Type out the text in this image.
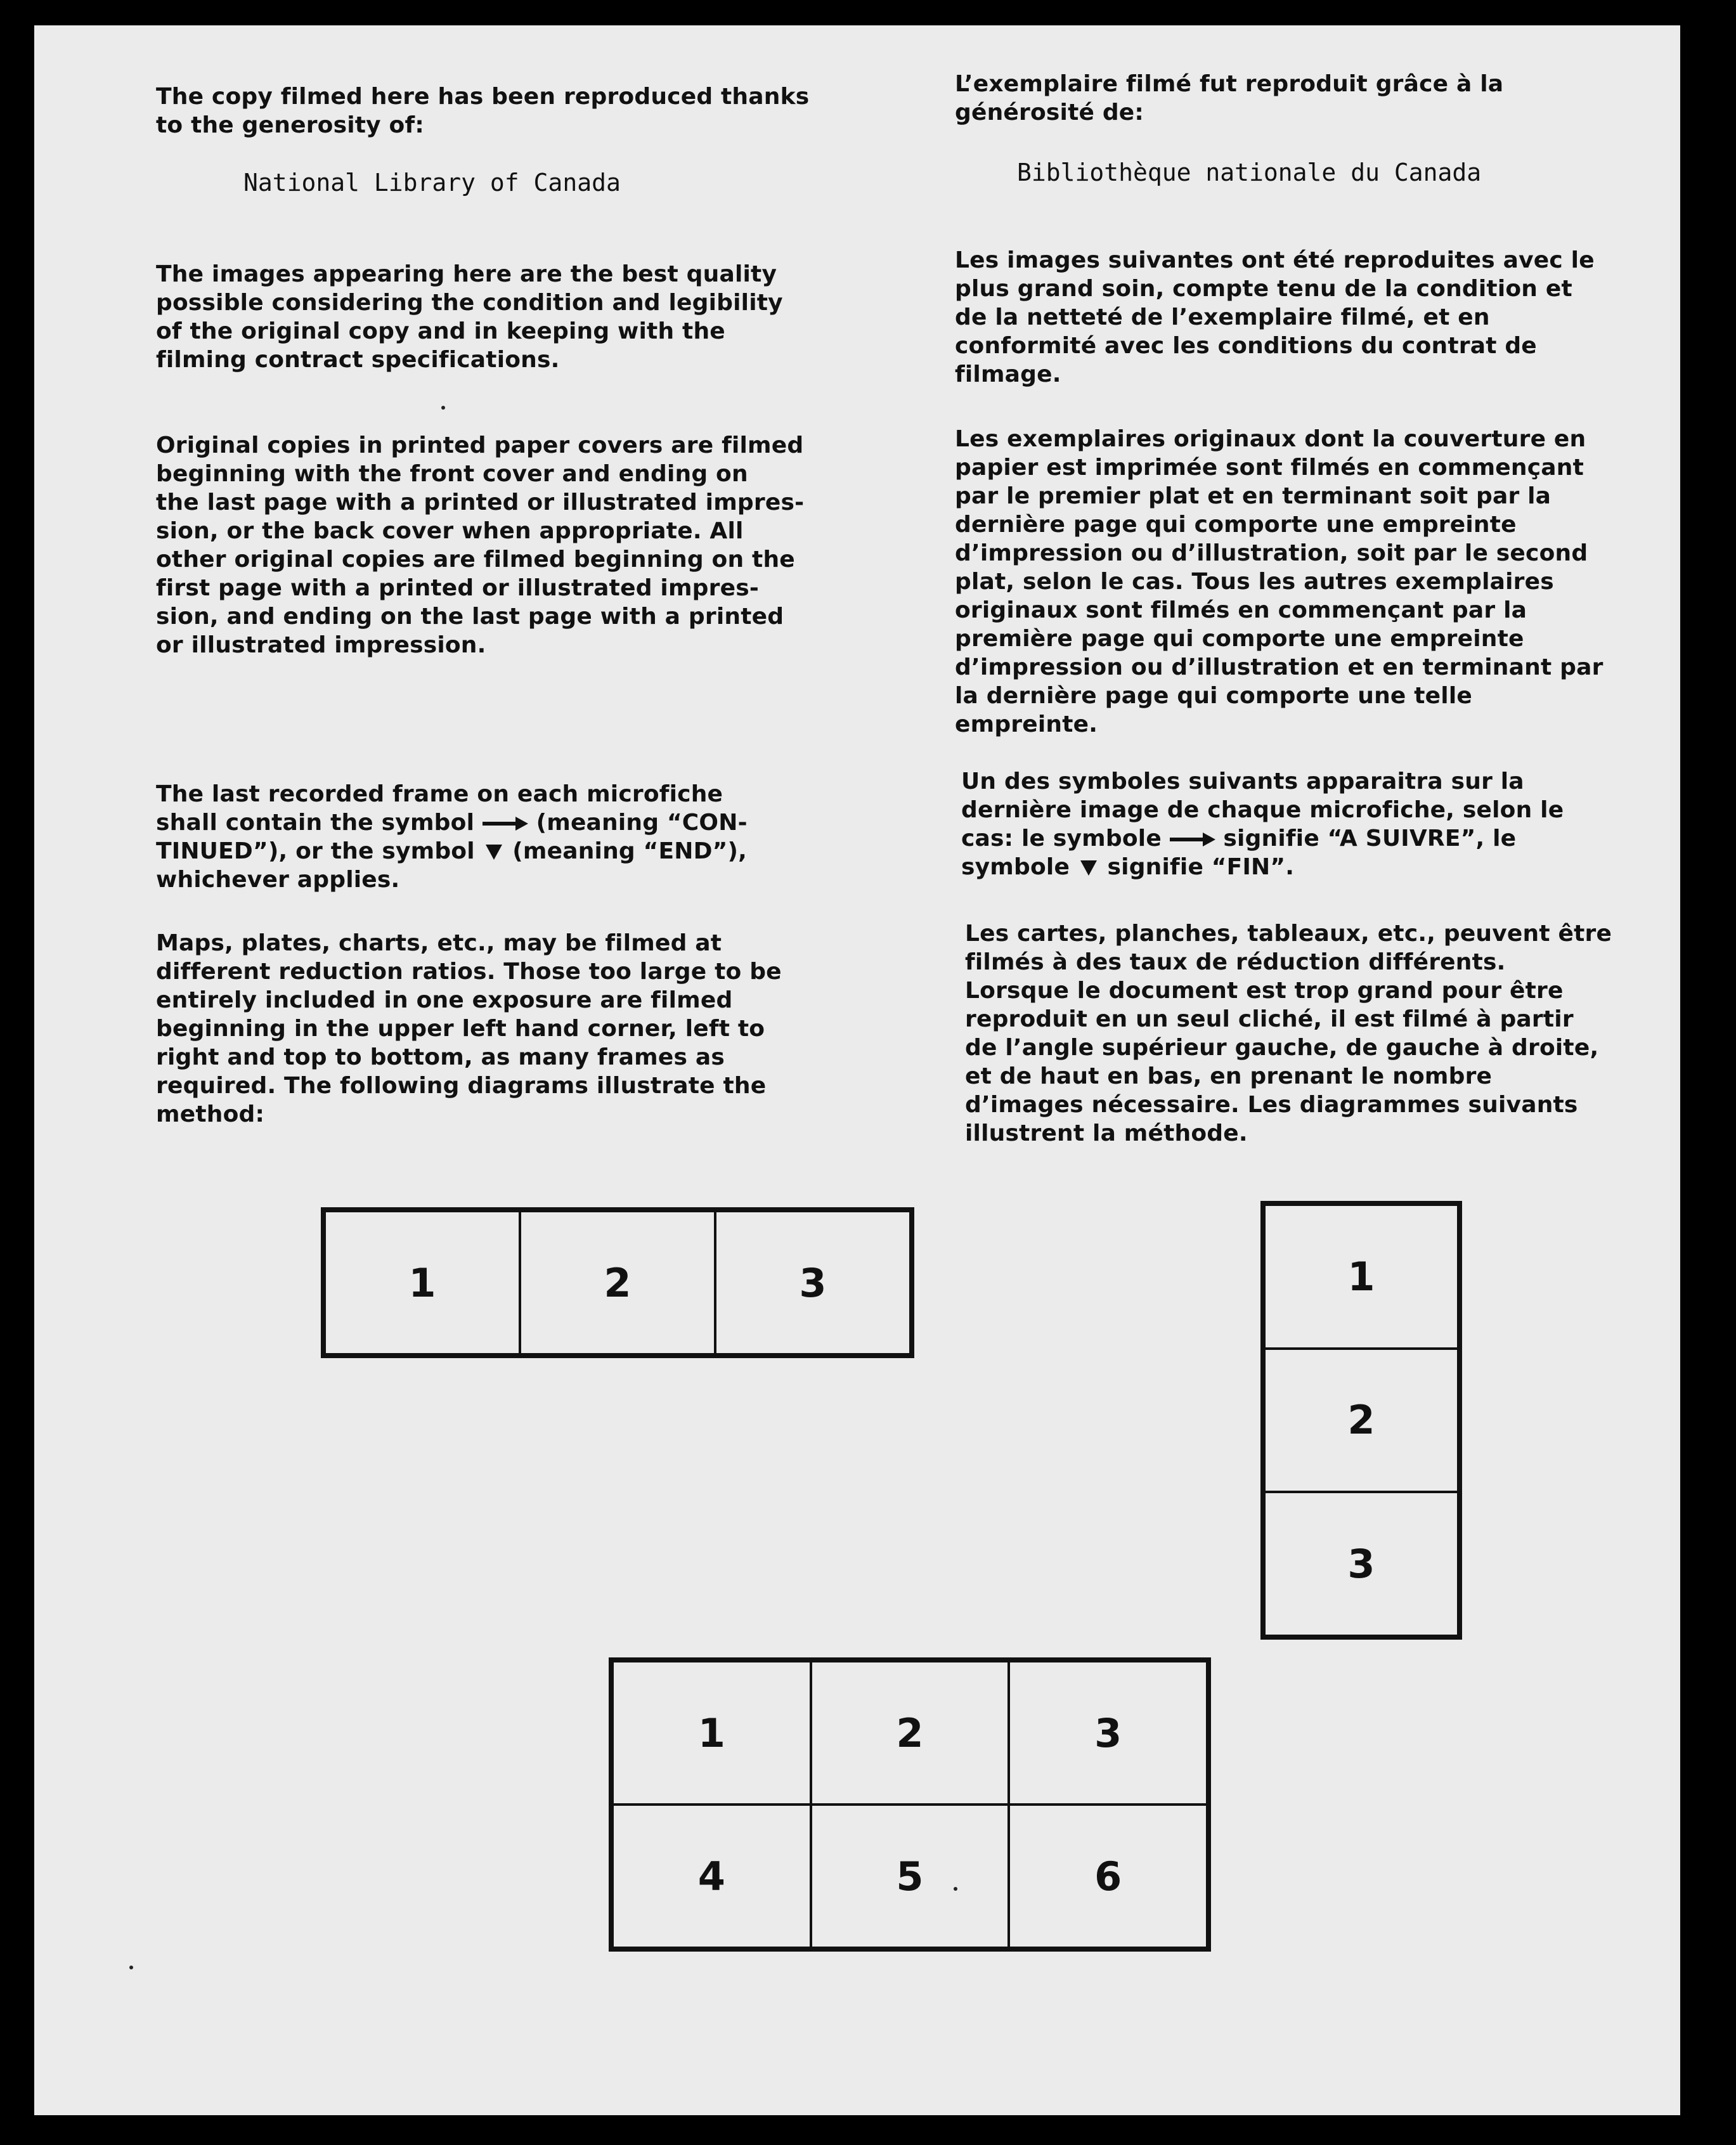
The copy filmed here has been reproduced thanks
to the generosity of:

National Library of Canada

The images appearing here are the best quality
possible considering the condition and legibility
of the original copy and in keeping with the
filming contract specifications.

Original copies in printed paper covers are filmed
beginning with the front cover and ending on
the last page with a printed or illustrated impres-
sion, or the back cover when appropriate. All
other original copies are filmed beginning on the
first page with a printed or illustrated impres-
sion, and ending on the last page with a printed
or illustrated impression.

The last recorded frame on each microfiche
shall contain the symbol  (meaning “CON-
TINUED”), or the symbol  (meaning “END”),
whichever applies.

Maps, plates, charts, etc., may be filmed at
different reduction ratios. Those too large to be
entirely included in one exposure are filmed
beginning in the upper left hand corner, left to
right and top to bottom, as many frames as
required. The following diagrams illustrate the
method:

L’exemplaire filmé fut reproduit grâce à la
générosité de:

Bibliothèque nationale du Canada

Les images suivantes ont été reproduites avec le
plus grand soin, compte tenu de la condition et
de la netteté de l’exemplaire filmé, et en
conformité avec les conditions du contrat de
filmage.

Les exemplaires originaux dont la couverture en
papier est imprimée sont filmés en commençant
par le premier plat et en terminant soit par la
dernière page qui comporte une empreinte
d’impression ou d’illustration, soit par le second
plat, selon le cas. Tous les autres exemplaires
originaux sont filmés en commençant par la
première page qui comporte une empreinte
d’impression ou d’illustration et en terminant par
la dernière page qui comporte une telle
empreinte.

Un des symboles suivants apparaitra sur la
dernière image de chaque microfiche, selon le
cas: le symbole  signifie “A SUIVRE”, le
symbole  signifie “FIN”.

Les cartes, planches, tableaux, etc., peuvent être
filmés à des taux de réduction différents.
Lorsque le document est trop grand pour être
reproduit en un seul cliché, il est filmé à partir
de l’angle supérieur gauche, de gauche à droite,
et de haut en bas, en prenant le nombre
d’images nécessaire. Les diagrammes suivants
illustrent la méthode.

1	2	3	1
2
3
1	2	3
4	5	6
